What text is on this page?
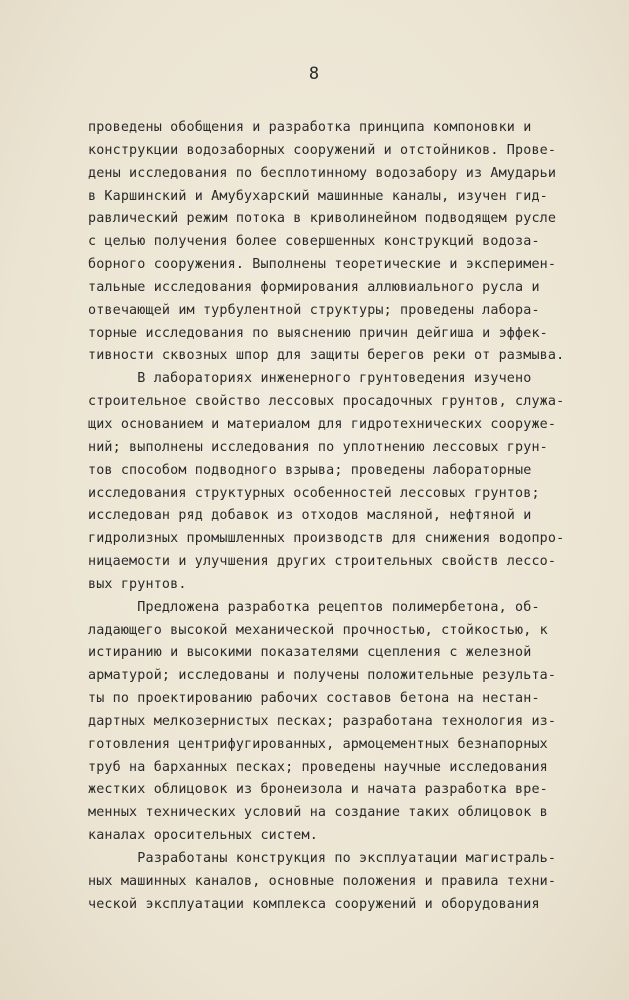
8
проведены обобщения и разработка принципа компоновки и
конструкции водозаборных сооружений и отстойников. Прове-
дены исследования по бесплотинному водозабору из Амударьи
в Каршинский и Амубухарский машинные каналы, изучен гид-
равлический режим потока в криволинейном подводящем русле
с целью получения более совершенных конструкций водоза-
борного сооружения. Выполнены теоретические и эксперимен-
тальные исследования формирования аллювиального русла и
отвечающей им турбулентной структуры; проведены лабора-
торные исследования по выяснению причин дейгиша и эффек-
тивности сквозных шпор для защиты берегов реки от размыва.
В лабораториях инженерного грунтоведения изучено
строительное свойство лессовых просадочных грунтов, служа-
щих основанием и материалом для гидротехнических сооруже-
ний; выполнены исследования по уплотнению лессовых грун-
тов способом подводного взрыва; проведены лабораторные
исследования структурных особенностей лессовых грунтов;
исследован ряд добавок из отходов масляной, нефтяной и
гидролизных промышленных производств для снижения водопро-
ницаемости и улучшения других строительных свойств лессо-
вых грунтов.
Предложена разработка рецептов полимербетона, об-
ладающего высокой механической прочностью, стойкостью, к
истиранию и высокими показателями сцепления с железной
арматурой; исследованы и получены положительные результа-
ты по проектированию рабочих составов бетона на нестан-
дартных мелкозернистых песках; разработана технология из-
готовления центрифугированных, армоцементных безнапорных
труб на барханных песках; проведены научные исследования
жестких облицовок из бронеизола и начата разработка вре-
менных технических условий на создание таких облицовок в
каналах оросительных систем.
Разработаны конструкция по эксплуатации магистраль-
ных машинных каналов, основные положения и правила техни-
ческой эксплуатации комплекса сооружений и оборудования
